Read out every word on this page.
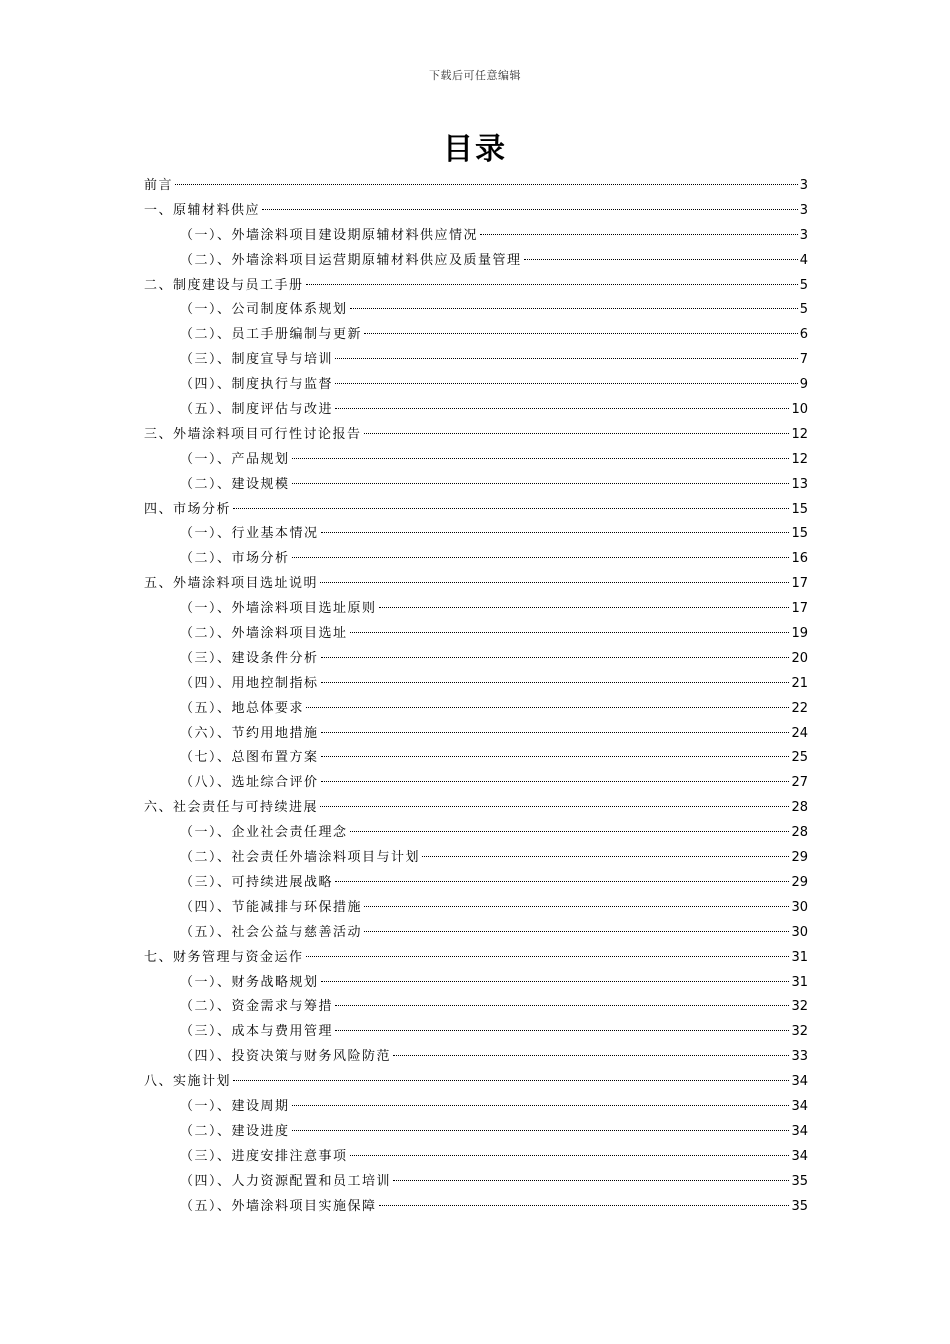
下载后可任意编辑
目录
前言	3
一、原辅材料供应	3
（一）、外墙涂料项目建设期原辅材料供应情况	3
（二）、外墙涂料项目运营期原辅材料供应及质量管理	4
二、制度建设与员工手册	5
（一）、公司制度体系规划	5
（二）、员工手册编制与更新	6
（三）、制度宣导与培训	7
（四）、制度执行与监督	9
（五）、制度评估与改进	10
三、外墙涂料项目可行性讨论报告	12
（一）、产品规划	12
（二）、建设规模	13
四、市场分析	15
（一）、行业基本情况	15
（二）、市场分析	16
五、外墙涂料项目选址说明	17
（一）、外墙涂料项目选址原则	17
（二）、外墙涂料项目选址	19
（三）、建设条件分析	20
（四）、用地控制指标	21
（五）、地总体要求	22
（六）、节约用地措施	24
（七）、总图布置方案	25
（八）、选址综合评价	27
六、社会责任与可持续进展	28
（一）、企业社会责任理念	28
（二）、社会责任外墙涂料项目与计划	29
（三）、可持续进展战略	29
（四）、节能减排与环保措施	30
（五）、社会公益与慈善活动	30
七、财务管理与资金运作	31
（一）、财务战略规划	31
（二）、资金需求与筹措	32
（三）、成本与费用管理	32
（四）、投资决策与财务风险防范	33
八、实施计划	34
（一）、建设周期	34
（二）、建设进度	34
（三）、进度安排注意事项	34
（四）、人力资源配置和员工培训	35
（五）、外墙涂料项目实施保障	35
